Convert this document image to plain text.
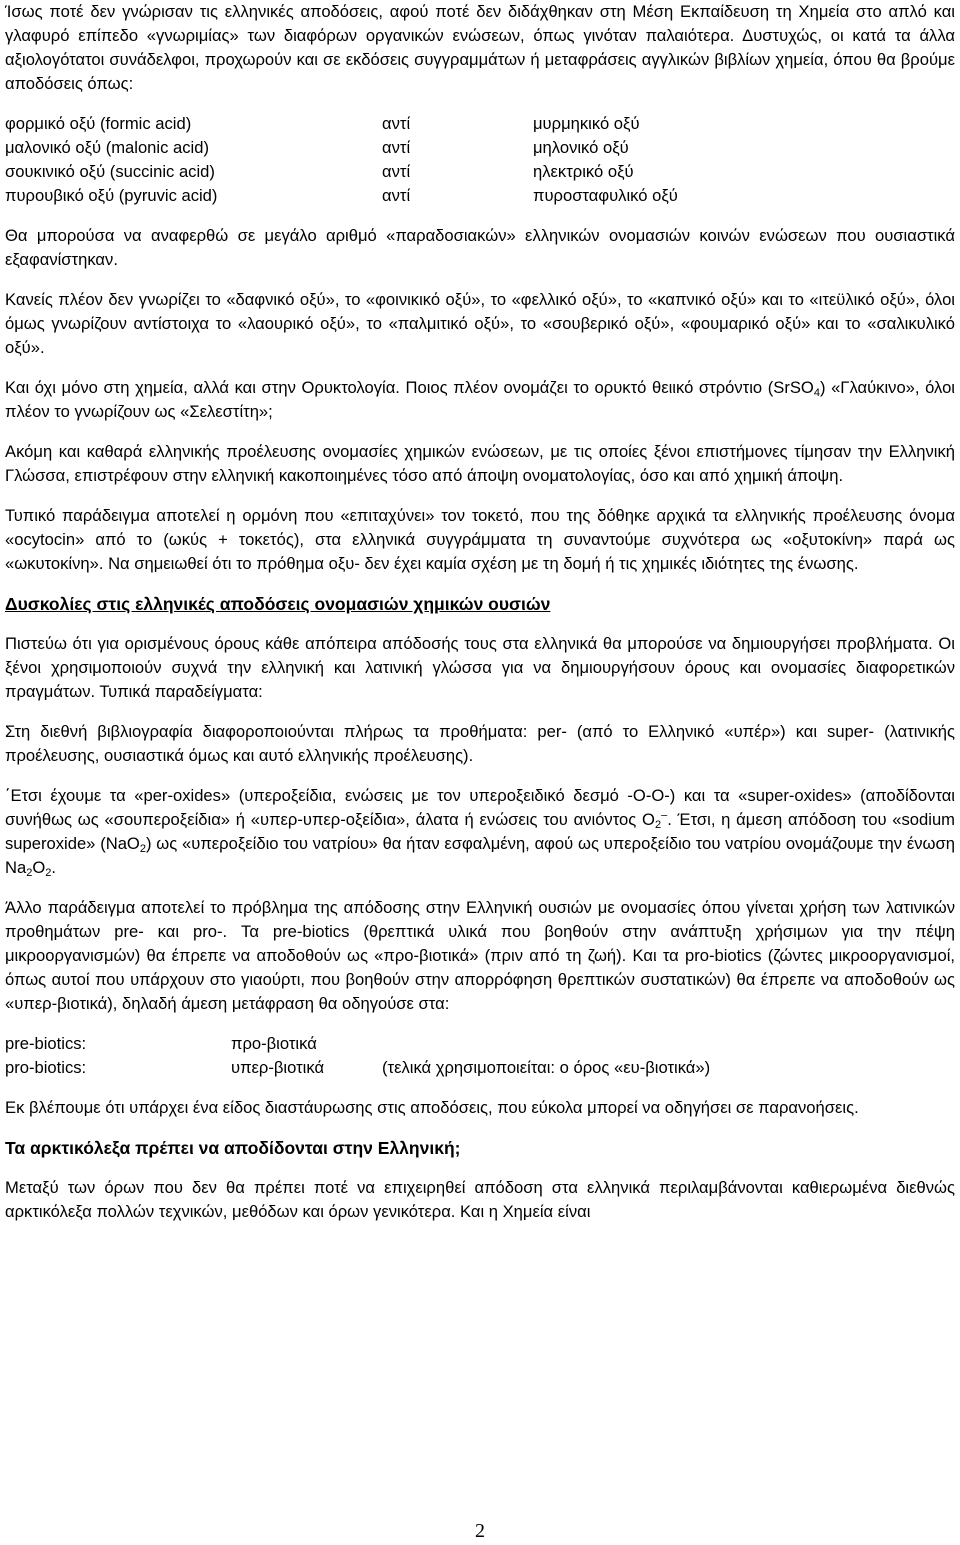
Ίσως ποτέ δεν γνώρισαν τις ελληνικές αποδόσεις, αφού ποτέ δεν διδάχθηκαν στη Μέση Εκπαίδευση τη Χημεία στο απλό και γλαφυρό επίπεδο «γνωριμίας» των διαφόρων οργανικών ενώσεων, όπως γινόταν παλαιότερα. Δυστυχώς, οι κατά τα άλλα αξιολογότατοι συνάδελφοι, προχωρούν και σε εκδόσεις συγγραμμάτων ή μεταφράσεις αγγλικών βιβλίων χημεία, όπου θα βρούμε αποδόσεις όπως:

φορμικό οξύ (formic acid)	αντί	μυρμηκικό οξύ
μαλονικό οξύ (malonic acid)	αντί	μηλονικό οξύ
σουκινικό οξύ (succinic acid)	αντί	ηλεκτρικό οξύ
πυρουβικό οξύ (pyruvic acid)	αντί	πυροσταφυλικό οξύ

Θα μπορούσα να αναφερθώ σε μεγάλο αριθμό «παραδοσιακών» ελληνικών ονομασιών κοινών ενώσεων που ουσιαστικά εξαφανίστηκαν.

Κανείς πλέον δεν γνωρίζει το «δαφνικό οξύ», το «φοινικικό οξύ», το «φελλικό οξύ», το «καπνικό οξύ» και το «ιτεϋλικό οξύ», όλοι όμως γνωρίζουν αντίστοιχα το «λαουρικό οξύ», το «παλμιτικό οξύ», το «σουβερικό οξύ», «φουμαρικό οξύ» και το «σαλικυλικό οξύ».

Και όχι μόνο στη χημεία, αλλά και στην Ορυκτολογία. Ποιος πλέον ονομάζει το ορυκτό θειικό στρόντιο (SrSO$_4$) «Γλαύκινο», όλοι πλέον το γνωρίζουν ως «Σελεστίτη»;

Ακόμη και καθαρά ελληνικής προέλευσης ονομασίες χημικών ενώσεων, με τις οποίες ξένοι επιστήμονες τίμησαν την Ελληνική Γλώσσα, επιστρέφουν στην ελληνική κακοποιημένες τόσο από άποψη ονοματολογίας, όσο και από χημική άποψη.

Τυπικό παράδειγμα αποτελεί η ορμόνη που «επιταχύνει» τον τοκετό, που της δόθηκε αρχικά τα ελληνικής προέλευσης όνομα «ocytocin» από το (ωκύς + τοκετός), στα ελληνικά συγγράμματα τη συναντούμε συχνότερα ως «οξυτοκίνη» παρά ως «ωκυτοκίνη». Να σημειωθεί ότι το πρόθημα οξυ- δεν έχει καμία σχέση με τη δομή ή τις χημικές ιδιότητες της ένωσης.

Δυσκολίες στις ελληνικές αποδόσεις ονομασιών χημικών ουσιών

Πιστεύω ότι για ορισμένους όρους κάθε απόπειρα απόδοσής τους στα ελληνικά θα μπορούσε να δημιουργήσει προβλήματα. Οι ξένοι χρησιμοποιούν συχνά την ελληνική και λατινική γλώσσα για να δημιουργήσουν όρους και ονομασίες διαφορετικών πραγμάτων. Τυπικά παραδείγματα:

Στη διεθνή βιβλιογραφία διαφοροποιούνται πλήρως τα προθήματα: per- (από το Ελληνικό «υπέρ») και super- (λατινικής προέλευσης, ουσιαστικά όμως και αυτό ελληνικής προέλευσης).

΄Ετσι έχουμε τα «per-oxides» (υπεροξείδια, ενώσεις με τον υπεροξειδικό δεσμό -O-O-) και τα «super-oxides» (αποδίδονται συνήθως ως «σουπεροξείδια» ή «υπερ-υπερ-οξείδια», άλατα ή ενώσεις του ανιόντος $O_2^-$. Έτσι, η άμεση απόδοση του «sodium superoxide» (NaO$_2$) ως «υπεροξείδιο του νατρίου» θα ήταν εσφαλμένη, αφού ως υπεροξείδιο του νατρίου ονομάζουμε την ένωση $Na_2O_2$.

Άλλο παράδειγμα αποτελεί το πρόβλημα της απόδοσης στην Ελληνική ουσιών με ονομασίες όπου γίνεται χρήση των λατινικών προθημάτων pre- και pro-. Τα pre-biotics (θρεπτικά υλικά που βοηθούν στην ανάπτυξη χρήσιμων για την πέψη μικροοργανισμών) θα έπρεπε να αποδοθούν ως «προ-βιοτικά» (πριν από τη ζωή). Και τα pro-biotics (ζώντες μικροοργανισμοί, όπως αυτοί που υπάρχουν στο γιαούρτι, που βοηθούν στην απορρόφηση θρεπτικών συστατικών) θα έπρεπε να αποδοθούν ως «υπερ-βιοτικά), δηλαδή άμεση μετάφραση θα οδηγούσε στα:

pre-biotics:	προ-βιοτικά
pro-biotics:	υπερ-βιοτικά	(τελικά χρησιμοποιείται: ο όρος «ευ-βιοτικά»)

Εκ βλέπουμε ότι υπάρχει ένα είδος διαστάυρωσης στις αποδόσεις, που εύκολα μπορεί να οδηγήσει σε παρανοήσεις.

Τα αρκτικόλεξα πρέπει να αποδίδονται στην Ελληνική;

Μεταξύ των όρων που δεν θα πρέπει ποτέ να επιχειρηθεί απόδοση στα ελληνικά περιλαμβάνονται καθιερωμένα διεθνώς αρκτικόλεξα πολλών τεχνικών, μεθόδων και όρων γενικότερα. Και η Χημεία είναι

2
